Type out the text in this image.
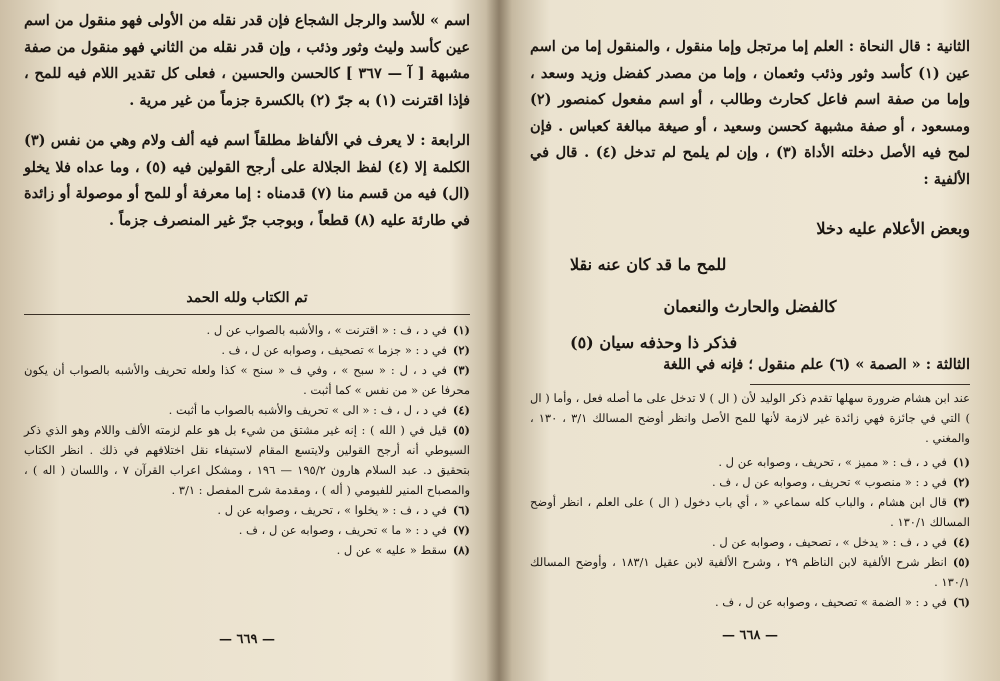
اسم » للأسد والرجل الشجاع فإن قدر نقله من الأولى فهو منقول من اسم عين كأسد وليث وثور وذئب ، وإن قدر نقله من الثاني فهو منقول من صفة مشبهة [ آ — ٣٦٧ ] كالحسن والحسين ، فعلى كل تقدير اللام فيه للمح ، فإذا اقترنت (١) به جرّ (٢) بالكسرة جزماً من غير مرية .

الرابعة : لا يعرف في الألفاظ مطلقاً اسم فيه ألف ولام وهي من نفس (٣) الكلمة إلا (٤) لفظ الجلالة على أرجح القولين فيه (٥) ، وما عداه فلا يخلو (ال) فيه من قسم منا (٧) قدمناه : إما معرفة أو للمح أو موصولة أو زائدة في طارئة عليه (٨) قطعاً ، وبوجب جرّ غير المنصرف جزماً .

تم الكتاب ولله الحمد

(١)في د ، ف : « اقترنت » ، والأشبه بالصواب عن ل .

(٢)في د : « جزما » تصحيف ، وصوابه عن ل ، ف .

(٣)في د ، ل : « سبح » ، وفي ف « سنح » كذا ولعله تحريف والأشبه بالصواب أن يكون محرفا عن « من نفس » كما أثبت .

(٤)في د ، ل ، ف : « الى » تحريف والأشبه بالصواب ما أثبت .

(٥)قيل في ( الله ) : إنه غير مشتق من شيء بل هو علم لزمته الألف واللام وهو الذي ذكر السيوطي أنه أرجح القولين ولايتسع المقام لاستيفاء نقل اختلافهم في ذلك . انظر الكتاب بتحقيق د. عبد السلام هارون ١٩٥/٢ — ١٩٦ ، ومشكل اعراب القرآن ٧ ، واللسان ( اله ) ، والمصباح المنير للفيومي ( أله ) ، ومقدمة شرح المفصل : ٣/١ .

(٦)في د ، ف : « يخلوا » ، تحريف ، وصوابه عن ل .

(٧)في د : « ما » تحريف ، وصوابه عن ل ، ف .

(٨)سقط « عليه » عن ل .

— ٦٦٩ —

الثانية : قال النحاة : العلم إما مرتجل وإما منقول ، والمنقول إما من اسم عين (١) كأسد وثور وذئب وثعمان ، وإما من مصدر كفضل وزيد وسعد ، وإما من صفة اسم فاعل كحارث وطالب ، أو اسم مفعول كمنصور (٢) ومسعود ، أو صفة مشبهة كحسن وسعيد ، أو صيغة مبالغة كعباس . فإن لمح فيه الأصل دخلته الأداة (٣) ، وإن لم يلمح لم تدخل (٤) . قال في الألفية :

وبعض الأعلام عليه دخلا

للمح ما قد كان عنه نقلا

كالفضل والحارث والنعمان

فذكر ذا وحذفه سيان (٥)

الثالثة : « الصمة » (٦) علم منقول ؛ فإنه في اللغة

عند ابن هشام ضرورة سهلها تقدم ذكر الوليد لأن ( ال ) لا تدخل على ما أصله فعل ، وأما ( ال ) التي في جائزة فهي زائدة غير لازمة لأنها للمح الأصل وانظر أوضح المسالك ٣/١ ، ١٣٠ ، والمغني .

(١)في د ، ف : « مميز » ، تحريف ، وصوابه عن ل .

(٢)في د : « منصوب » تحريف ، وصوابه عن ل ، ف .

(٣)قال ابن هشام ، والباب كله سماعي « ، أي باب دخول ( ال ) على العلم ، انظر أوضح المسالك ١٣٠/١ .

(٤)في د ، ف : « يدخل » ، تصحيف ، وصوابه عن ل .

(٥)انظر شرح الألفية لابن الناظم ٢٩ ، وشرح الألفية لابن عقيل ١٨٣/١ ، وأوضح المسالك ١٣٠/١ .

(٦)في د : « الضمة » تصحيف ، وصوابه عن ل ، ف .

— ٦٦٨ —
